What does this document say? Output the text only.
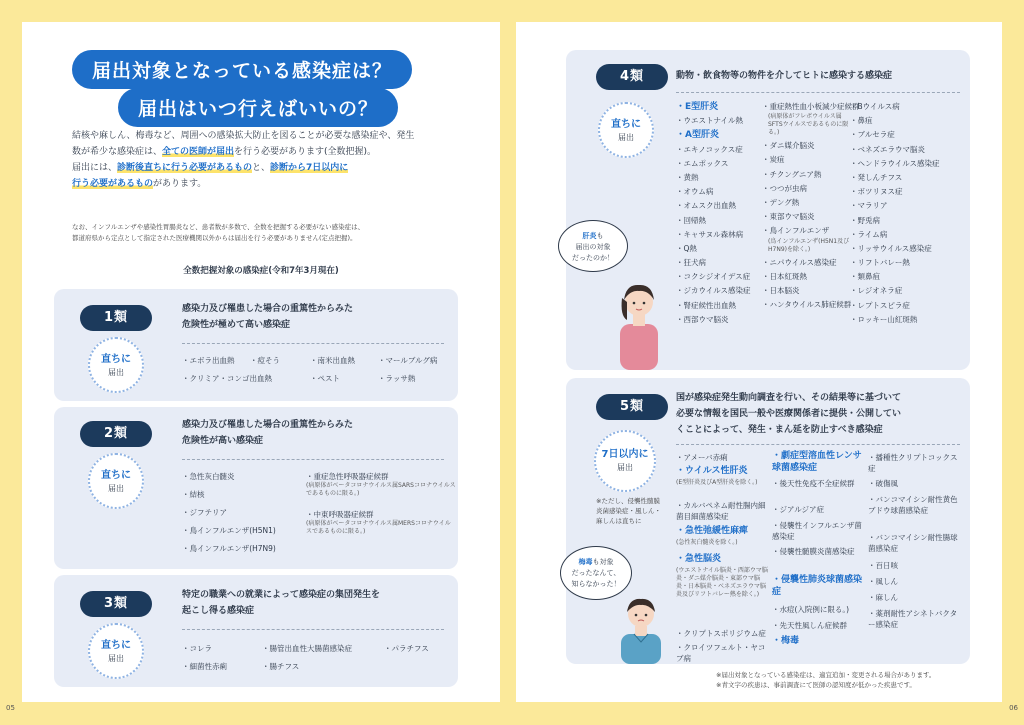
届出対象となっている感染症は？
届出はいつ行えばいいの？
結核や麻しん、梅毒など、周囲への感染拡大防止を図ることが必要な感染症や、発生
数が希少な感染症は、全ての医師が届出を行う必要があります(全数把握)。
届出には、診断後直ちに行う必要があるものと、診断から7日以内に
行う必要があるものがあります。
なお、インフルエンザや感染性胃腸炎など、患者数が多数で、全数を把握する必要がない感染症は、
都道府県から定点として指定された医療機関以外からは届出を行う必要がありません(定点把握)。
全数把握対象の感染症(令和7年3月現在)
1類
感染力及び罹患した場合の重篤性からみた
危険性が極めて高い感染症
直ちに
届出
・エボラ出血熱 ・痘そう	・南米出血熱	・マールブルグ病
・クリミア・コンゴ出血熱	・ペスト	・ラッサ熱
2類
感染力及び罹患した場合の重篤性からみた
危険性が高い感染症
直ちに
届出
・急性灰白髄炎
・結核
・ジフテリア
・鳥インフルエンザ(H5N1)
・鳥インフルエンザ(H7N9)
・重症急性呼吸器症候群
(病原体がベータコロナウイルス属SARSコロナウイルスであるものに限る。)
・中東呼吸器症候群
(病原体がベータコロナウイルス属MERSコロナウイルスであるものに限る。)
3類
特定の職業への就業によって感染症の集団発生を
起こし得る感染症
直ちに
届出
・コレラ	・腸管出血性大腸菌感染症	・パラチフス
・細菌性赤痢	・腸チフス
05
4類	動物・飲食物等の物件を介してヒトに感染する感染症
直ちに
届出
・E型肝炎
・ウエストナイル熱
・A型肝炎
・エキノコックス症
・エムポックス
・黄熱
・オウム病
・オムスク出血熱
・回帰熱
・キャサヌル森林病
・Q熱
・狂犬病
・コクシジオイデス症
・ジカウイルス感染症
・腎症候性出血熱
・西部ウマ脳炎
・重症熱性血小板減少症候群
(病原体がフレボウイルス属SFTSウイルスであるものに限る。)
・ダニ媒介脳炎
・炭疽
・チクングニア熱
・つつが虫病
・デング熱
・東部ウマ脳炎
・鳥インフルエンザ
(鳥インフルエンザ(H5N1及びH7N9)を除く。)
・ニパウイルス感染症
・日本紅斑熱
・日本脳炎
・ハンタウイルス肺症候群
・Bウイルス病
・鼻疽
・ブルセラ症
・ベネズエラウマ脳炎
・ヘンドラウイルス感染症
・発しんチフス
・ボツリヌス症
・マラリア
・野兎病
・ライム病
・リッサウイルス感染症
・リフトバレー熱
・類鼻疽
・レジオネラ症
・レプトスピラ症
・ロッキー山紅斑熱
肝炎も
届出の対象
だったのか！
5類
国が感染症発生動向調査を行い、その結果等に基づいて
必要な情報を国民一般や医療関係者に提供・公開してい
くことによって、発生・まん延を防止すべき感染症
7日以内に
届出
※ただし、侵襲性髄膜炎菌感染症・風しん・麻しんは直ちに
梅毒も対象
だったなんて、
知らなかった！
・アメーバ赤痢
・ウイルス性肝炎
(E型肝炎及びA型肝炎を除く。)
・カルバペネム耐性腸内細菌目細菌感染症
・急性弛緩性麻痺
(急性灰白髄炎を除く。)
・急性脳炎
(ウエストナイル脳炎・西部ウマ脳炎・ダニ媒介脳炎・東部ウマ脳炎・日本脳炎・ベネズエラウマ脳炎及びリフトバレー熱を除く。)
・クリプトスポリジウム症
・クロイツフェルト・ヤコブ病
・劇症型溶血性レンサ球菌感染症
・後天性免疫不全症候群
・ジアルジア症
・侵襲性インフルエンザ菌感染症
・侵襲性髄膜炎菌感染症
・侵襲性肺炎球菌感染症
・水痘(入院例に限る。)
・先天性風しん症候群
・梅毒
・播種性クリプトコックス症
・破傷風
・バンコマイシン耐性黄色ブドウ球菌感染症
・バンコマイシン耐性腸球菌感染症
・百日咳
・風しん
・麻しん
・薬剤耐性アシネトバクター感染症
※届出対象となっている感染症は、適宜追加・変更される場合があります。
※青文字の疾患は、事前調査にて医師の認知度が低かった疾患です。
06
